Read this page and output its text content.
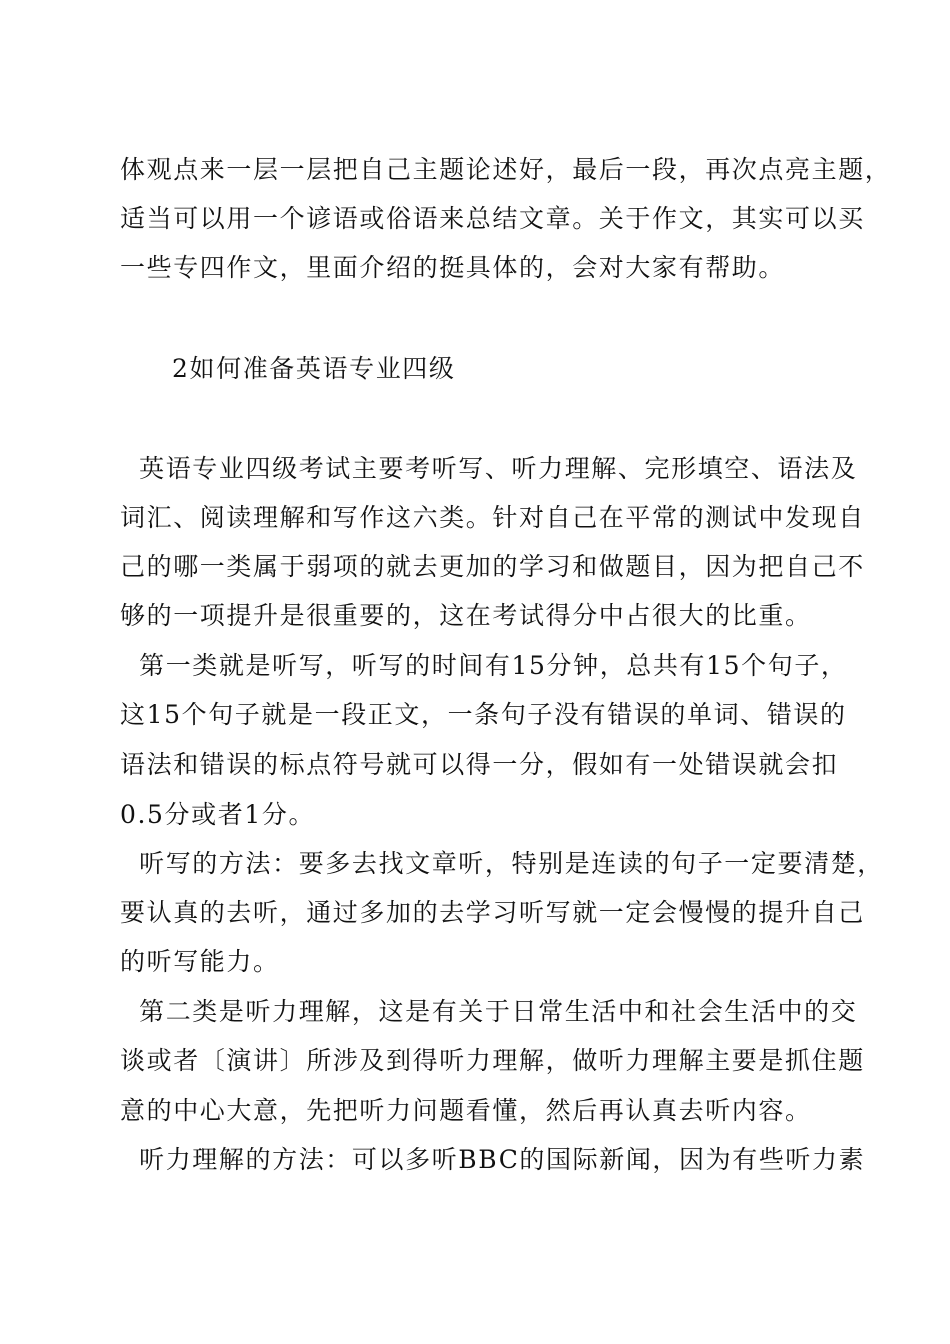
体观点来一层一层把自己主题论述好，最后一段，再次点亮主题，
适当可以用一个谚语或俗语来总结文章。关于作文，其实可以买
一些专四作文，里面介绍的挺具体的，会对大家有帮助。
2如何准备英语专业四级
英语专业四级考试主要考听写、听力理解、完形填空、语法及
词汇、阅读理解和写作这六类。针对自己在平常的测试中发现自
己的哪一类属于弱项的就去更加的学习和做题目，因为把自己不
够的一项提升是很重要的，这在考试得分中占很大的比重。
第一类就是听写，听写的时间有15分钟，总共有15个句子，
这15个句子就是一段正文，一条句子没有错误的单词、错误的
语法和错误的标点符号就可以得一分，假如有一处错误就会扣
0.5分或者1分。
听写的方法：要多去找文章听，特别是连读的句子一定要清楚，
要认真的去听，通过多加的去学习听写就一定会慢慢的提升自己
的听写能力。
第二类是听力理解，这是有关于日常生活中和社会生活中的交
谈或者〔演讲〕所涉及到得听力理解，做听力理解主要是抓住题
意的中心大意，先把听力问题看懂，然后再认真去听内容。
听力理解的方法：可以多听BBC的国际新闻，因为有些听力素
